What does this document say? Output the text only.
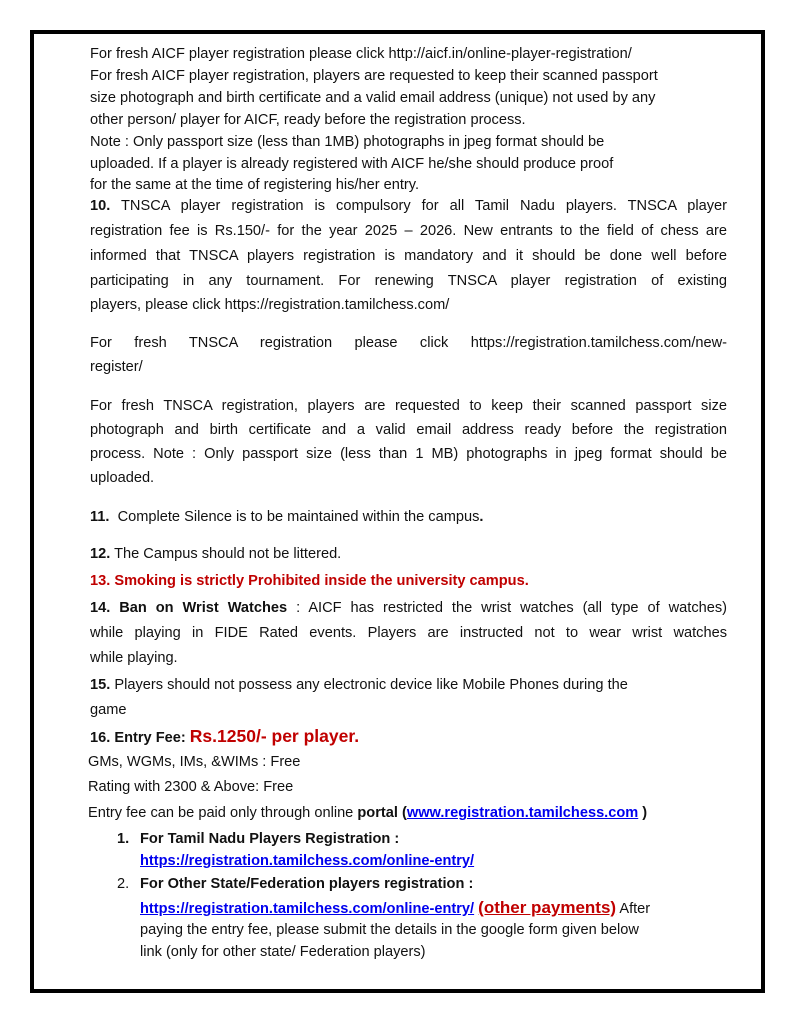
For fresh AICF player registration please click http://aicf.in/online-player-registration/
For fresh AICF player registration, players are requested to keep their scanned passport
size photograph and birth certificate and a valid email address (unique) not used by any
other person/ player for AICF, ready before the registration process.
Note : Only passport size (less than 1MB) photographs in jpeg format should be
uploaded. If a player is already registered with AICF he/she should produce proof
for the same at the time of registering his/her entry.
10. TNSCA player registration is compulsory for all Tamil Nadu players. TNSCA player
registration fee is Rs.150/- for the year 2025 – 2026. New entrants to the field of chess are
informed that TNSCA players registration is mandatory and it should be done well before
participating in any tournament. For renewing TNSCA player registration of existing
players, please click https://registration.tamilchess.com/
For fresh TNSCA registration please click https://registration.tamilchess.com/new-
register/
For fresh TNSCA registration, players are requested to keep their scanned passport size
photograph and birth certificate and a valid email address ready before the registration
process. Note : Only passport size (less than 1 MB) photographs in jpeg format should be
uploaded.
11. Complete Silence is to be maintained within the campus.
12. The Campus should not be littered.
13. Smoking is strictly Prohibited inside the university campus.
14. Ban on Wrist Watches : AICF has restricted the wrist watches (all type of watches)
while playing in FIDE Rated events. Players are instructed not to wear wrist watches
while playing.
15. Players should not possess any electronic device like Mobile Phones during the
game
16. Entry Fee: Rs.1250/- per player.
GMs, WGMs, IMs, &WIMs : Free
Rating with 2300 & Above: Free
Entry fee can be paid only through online portal (www.registration.tamilchess.com )
1. For Tamil Nadu Players Registration :
https://registration.tamilchess.com/online-entry/
2. For Other State/Federation players registration :
https://registration.tamilchess.com/online-entry/ (other payments) After
paying the entry fee, please submit the details in the google form given below
link (only for other state/ Federation players)
